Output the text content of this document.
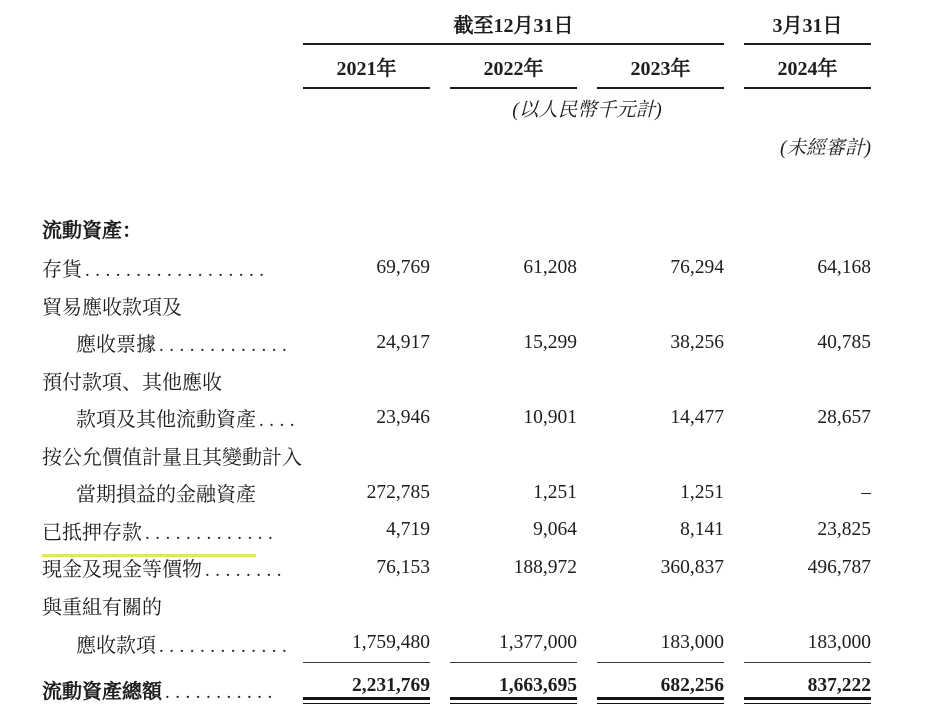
	截至12月31日						3月31日
	2021年		2022年		2023年		2024年
	(以人民幣千元計)						
							(未經審計)

流動資產：							
存貨 ..................	69,769		61,208		76,294		64,168
貿易應收款項及							
應收票據 .............	24,917		15,299		38,256		40,785
預付款項、其他應收							
款項及其他流動資產 ....	23,946		10,901		14,477		28,657
按公允價值計量且其變動計入							
當期損益的金融資產	272,785		1,251		1,251		–
已抵押存款 .............	4,719		9,064		8,141		23,825
現金及現金等價物 ........	76,153		188,972		360,837		496,787
與重組有關的							
應收款項 .............	1,759,480		1,377,000		183,000		183,000
流動資產總額 ...........	2,231,769		1,663,695		682,256		837,222
